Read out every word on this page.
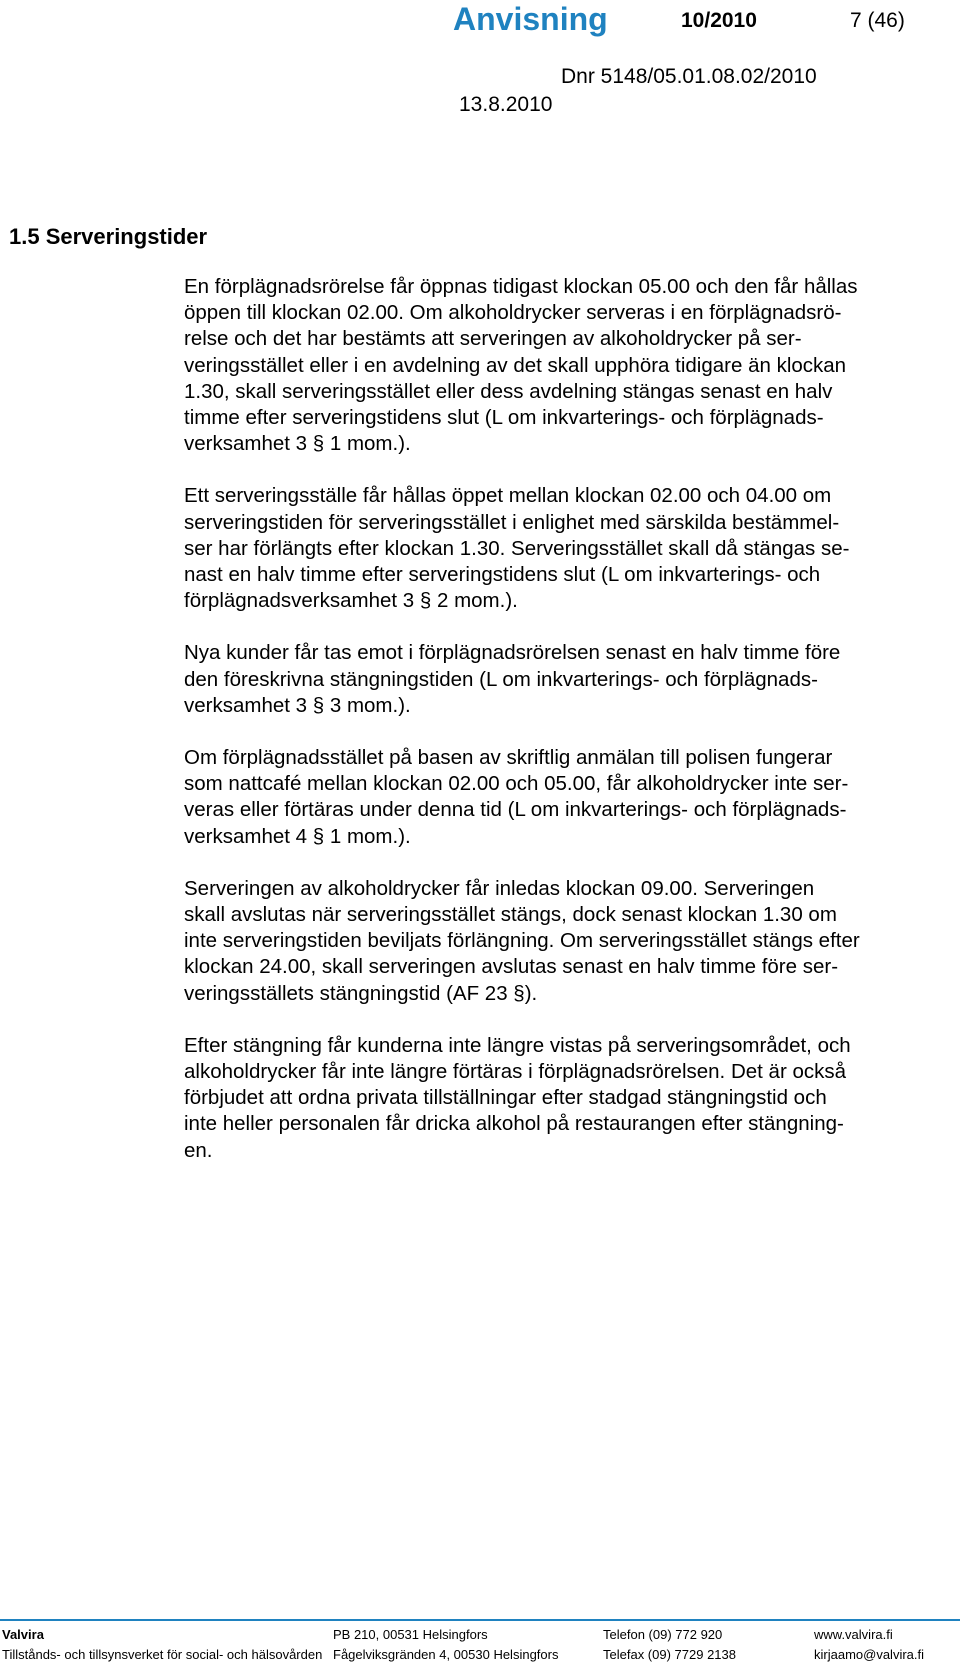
Anvisning	10/2010	7 (46)
Dnr 5148/05.01.08.02/2010
13.8.2010
1.5 Serveringstider

En förplägnadsrörelse får öppnas tidigast klockan 05.00 och den får hållas
öppen till klockan 02.00. Om alkoholdrycker serveras i en förplägnadsrö-
relse och det har bestämts att serveringen av alkoholdrycker på ser-
veringsstället eller i en avdelning av det skall upphöra tidigare än klockan
1.30, skall serveringsstället eller dess avdelning stängas senast en halv
timme efter serveringstidens slut (L om inkvarterings- och förplägnads-
verksamhet 3 § 1 mom.).

Ett serveringsställe får hållas öppet mellan klockan 02.00 och 04.00 om
serveringstiden för serveringsstället i enlighet med särskilda bestämmel-
ser har förlängts efter klockan 1.30. Serveringsstället skall då stängas se-
nast en halv timme efter serveringstidens slut (L om inkvarterings- och
förplägnadsverksamhet 3 § 2 mom.).

Nya kunder får tas emot i förplägnadsrörelsen senast en halv timme före
den föreskrivna stängningstiden (L om inkvarterings- och förplägnads-
verksamhet 3 § 3 mom.).

Om förplägnadsstället på basen av skriftlig anmälan till polisen fungerar
som nattcafé mellan klockan 02.00 och 05.00, får alkoholdrycker inte ser-
veras eller förtäras under denna tid (L om inkvarterings- och förplägnads-
verksamhet 4 § 1 mom.).

Serveringen av alkoholdrycker får inledas klockan 09.00. Serveringen
skall avslutas när serveringsstället stängs, dock senast klockan 1.30 om
inte serveringstiden beviljats förlängning. Om serveringsstället stängs efter
klockan 24.00, skall serveringen avslutas senast en halv timme före ser-
veringsställets stängningstid (AF 23 §).

Efter stängning får kunderna inte längre vistas på serveringsområdet, och
alkoholdrycker får inte längre förtäras i förplägnadsrörelsen. Det är också
förbjudet att ordna privata tillställningar efter stadgad stängningstid och
inte heller personalen får dricka alkohol på restaurangen efter stängning-
en.

Valvira
Tillstånds- och tillsynsverket för social- och hälsovården
PB 210, 00531 Helsingfors
Fågelviksgränden 4, 00530 Helsingfors
Telefon (09) 772 920
Telefax (09) 7729 2138
www.valvira.fi
kirjaamo@valvira.fi
